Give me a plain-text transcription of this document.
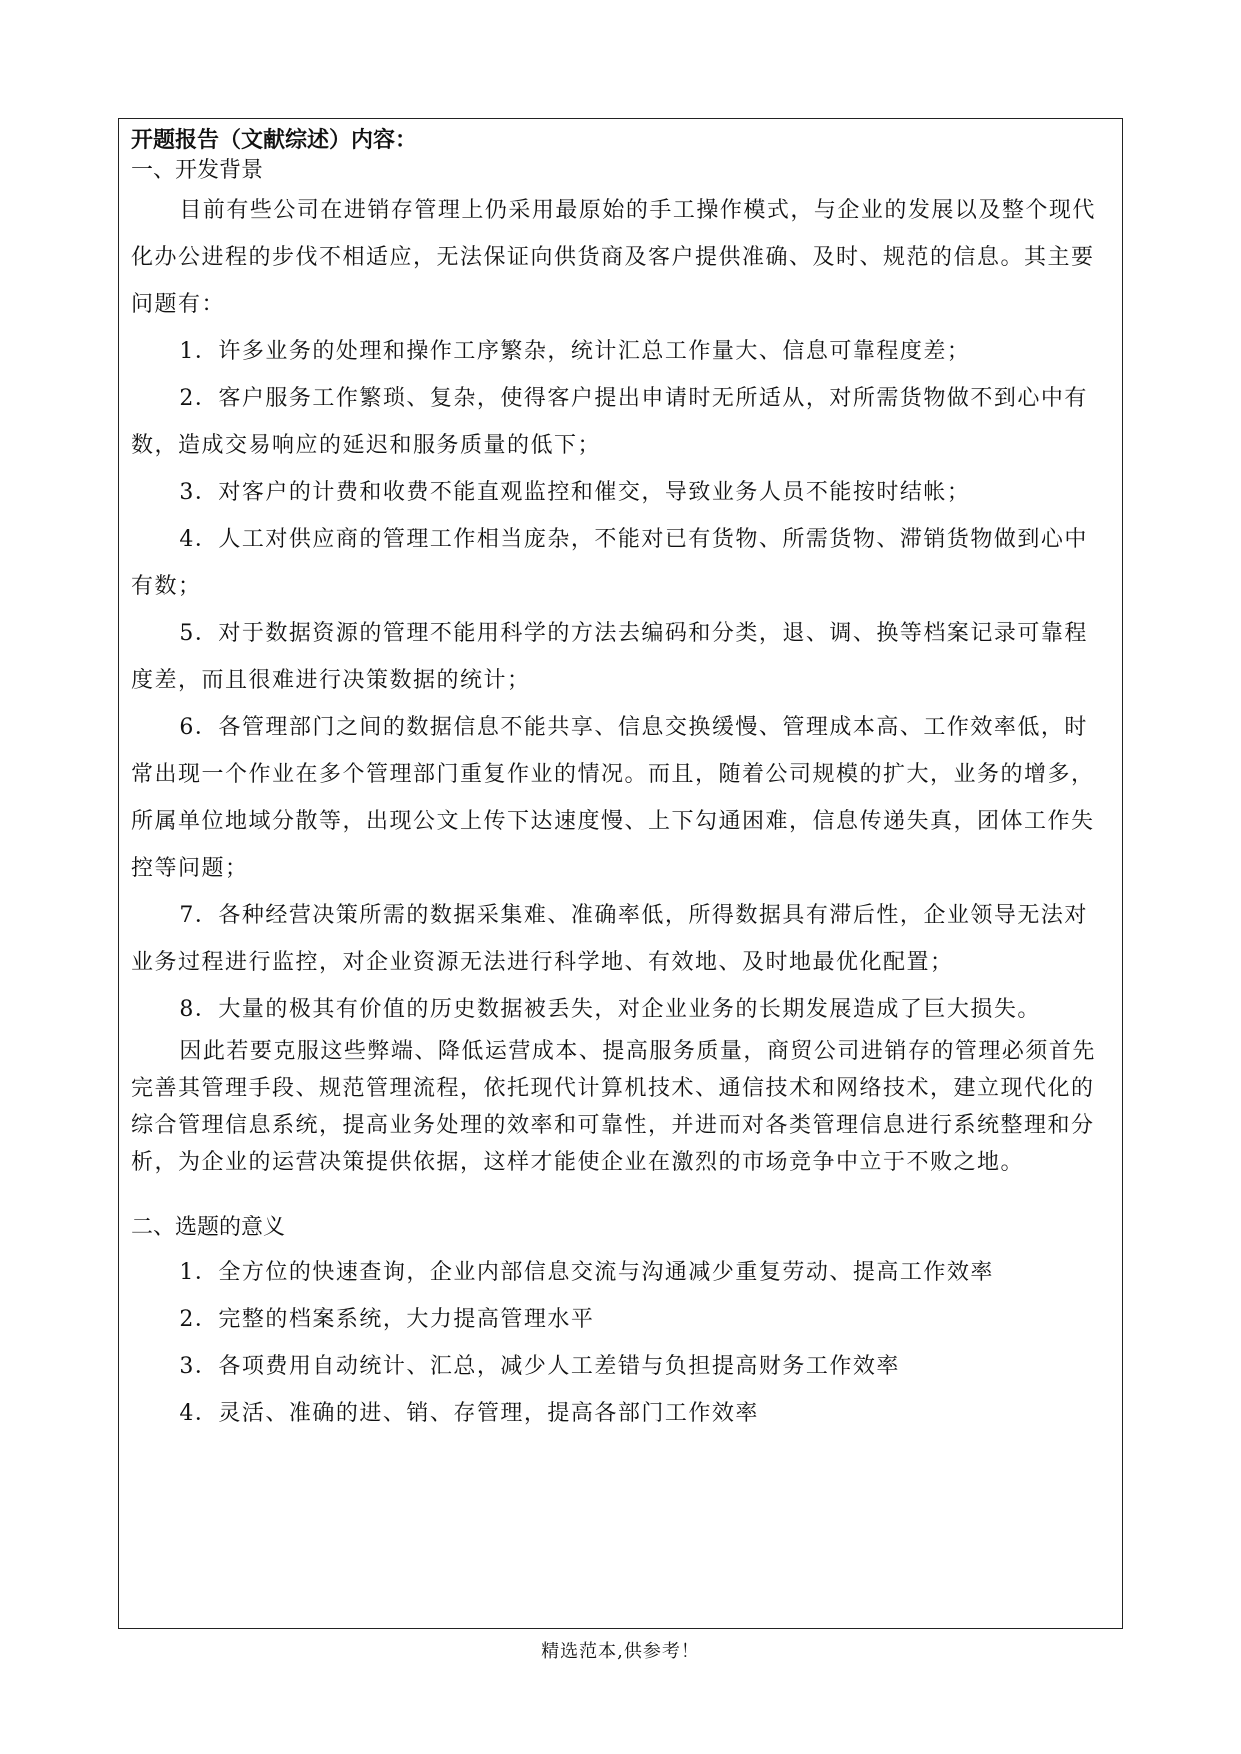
开题报告（文献综述）内容：

一、开发背景

目前有些公司在进销存管理上仍采用最原始的手工操作模式，与企业的发展以及整个现代化办公进程的步伐不相适应，无法保证向供货商及客户提供准确、及时、规范的信息。其主要问题有：

1．许多业务的处理和操作工序繁杂，统计汇总工作量大、信息可靠程度差；

2．客户服务工作繁琐、复杂，使得客户提出申请时无所适从，对所需货物做不到心中有数，造成交易响应的延迟和服务质量的低下；

3．对客户的计费和收费不能直观监控和催交，导致业务人员不能按时结帐；

4．人工对供应商的管理工作相当庞杂，不能对已有货物、所需货物、滞销货物做到心中有数；

5．对于数据资源的管理不能用科学的方法去编码和分类，退、调、换等档案记录可靠程度差，而且很难进行决策数据的统计；

6．各管理部门之间的数据信息不能共享、信息交换缓慢、管理成本高、工作效率低，时常出现一个作业在多个管理部门重复作业的情况。而且，随着公司规模的扩大，业务的增多，所属单位地域分散等，出现公文上传下达速度慢、上下勾通困难，信息传递失真，团体工作失控等问题；

7．各种经营决策所需的数据采集难、准确率低，所得数据具有滞后性，企业领导无法对业务过程进行监控，对企业资源无法进行科学地、有效地、及时地最优化配置；

8．大量的极其有价值的历史数据被丢失，对企业业务的长期发展造成了巨大损失。

因此若要克服这些弊端、降低运营成本、提高服务质量，商贸公司进销存的管理必须首先完善其管理手段、规范管理流程，依托现代计算机技术、通信技术和网络技术，建立现代化的综合管理信息系统，提高业务处理的效率和可靠性，并进而对各类管理信息进行系统整理和分析，为企业的运营决策提供依据，这样才能使企业在激烈的市场竞争中立于不败之地。

二、选题的意义

1．全方位的快速查询，企业内部信息交流与沟通减少重复劳动、提高工作效率

2．完整的档案系统，大力提高管理水平

3．各项费用自动统计、汇总，减少人工差错与负担提高财务工作效率

4．灵活、准确的进、销、存管理，提高各部门工作效率

精选范本,供参考！
